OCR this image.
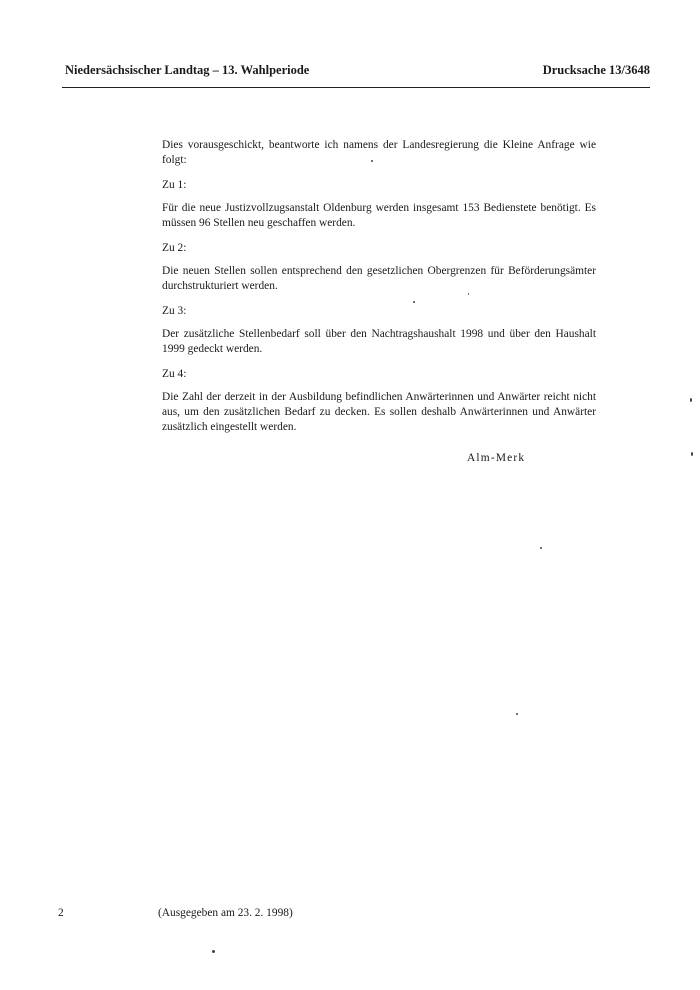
Niedersächsischer Landtag – 13. Wahlperiode	Drucksache 13/3648

Dies vorausgeschickt, beantworte ich namens der Landesregierung die Kleine Anfrage wie folgt:

Zu 1:

Für die neue Justizvollzugsanstalt Oldenburg werden insgesamt 153 Bedienstete benötigt. Es müssen 96 Stellen neu geschaffen werden.

Zu 2:

Die neuen Stellen sollen entsprechend den gesetzlichen Obergrenzen für Beförderungsämter durchstrukturiert werden.

Zu 3:

Der zusätzliche Stellenbedarf soll über den Nachtragshaushalt 1998 und über den Haushalt 1999 gedeckt werden.

Zu 4:

Die Zahl der derzeit in der Ausbildung befindlichen Anwärterinnen und Anwärter reicht nicht aus, um den zusätzlichen Bedarf zu decken. Es sollen deshalb Anwärterinnen und Anwärter zusätzlich eingestellt werden.

Alm-Merk
2	(Ausgegeben am 23. 2. 1998)
